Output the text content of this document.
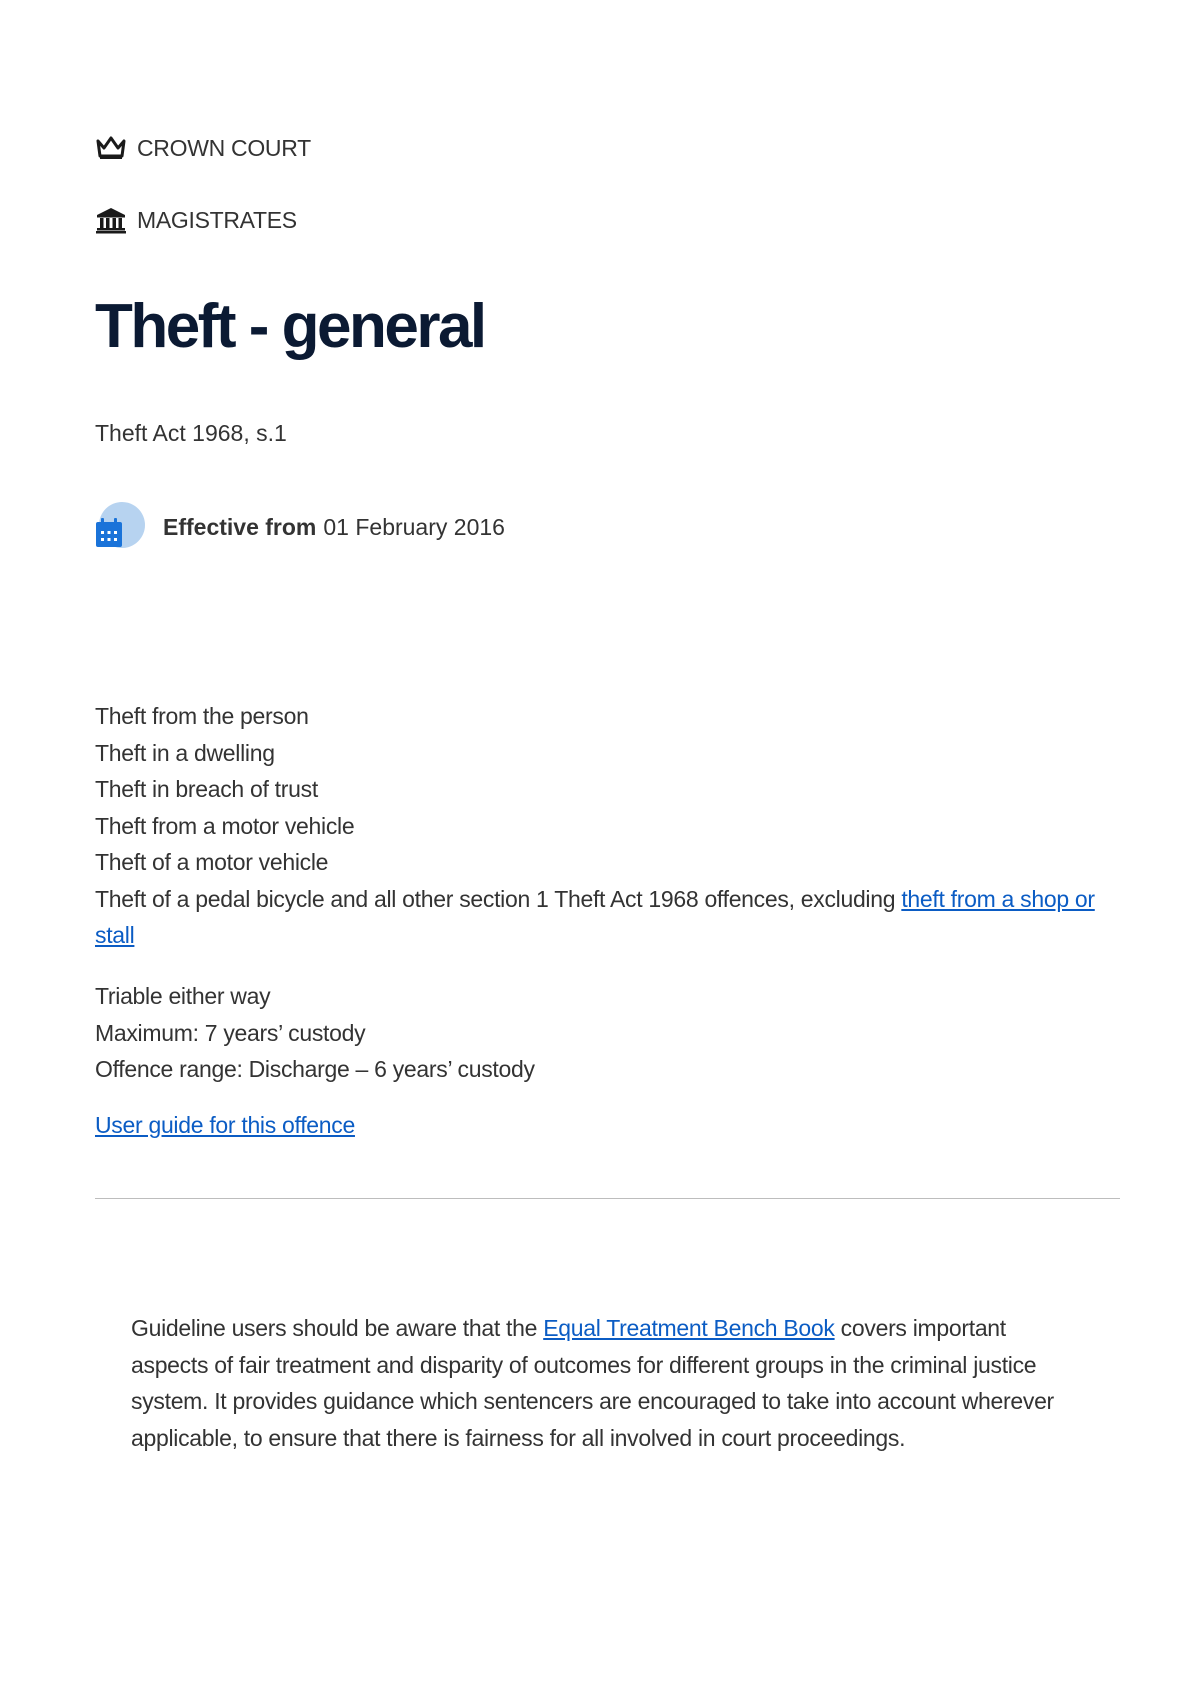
CROWN COURT
MAGISTRATES
Theft - general
Theft Act 1968, s.1
Effective from 01 February 2016
Theft from the person
Theft in a dwelling
Theft in breach of trust
Theft from a motor vehicle
Theft of a motor vehicle
Theft of a pedal bicycle and all other section 1 Theft Act 1968 offences, excluding theft from a shop or stall
Triable either way
Maximum: 7 years’ custody
Offence range: Discharge – 6 years’ custody
User guide for this offence
Guideline users should be aware that the Equal Treatment Bench Book covers important aspects of fair treatment and disparity of outcomes for different groups in the criminal justice system. It provides guidance which sentencers are encouraged to take into account wherever applicable, to ensure that there is fairness for all involved in court proceedings.
